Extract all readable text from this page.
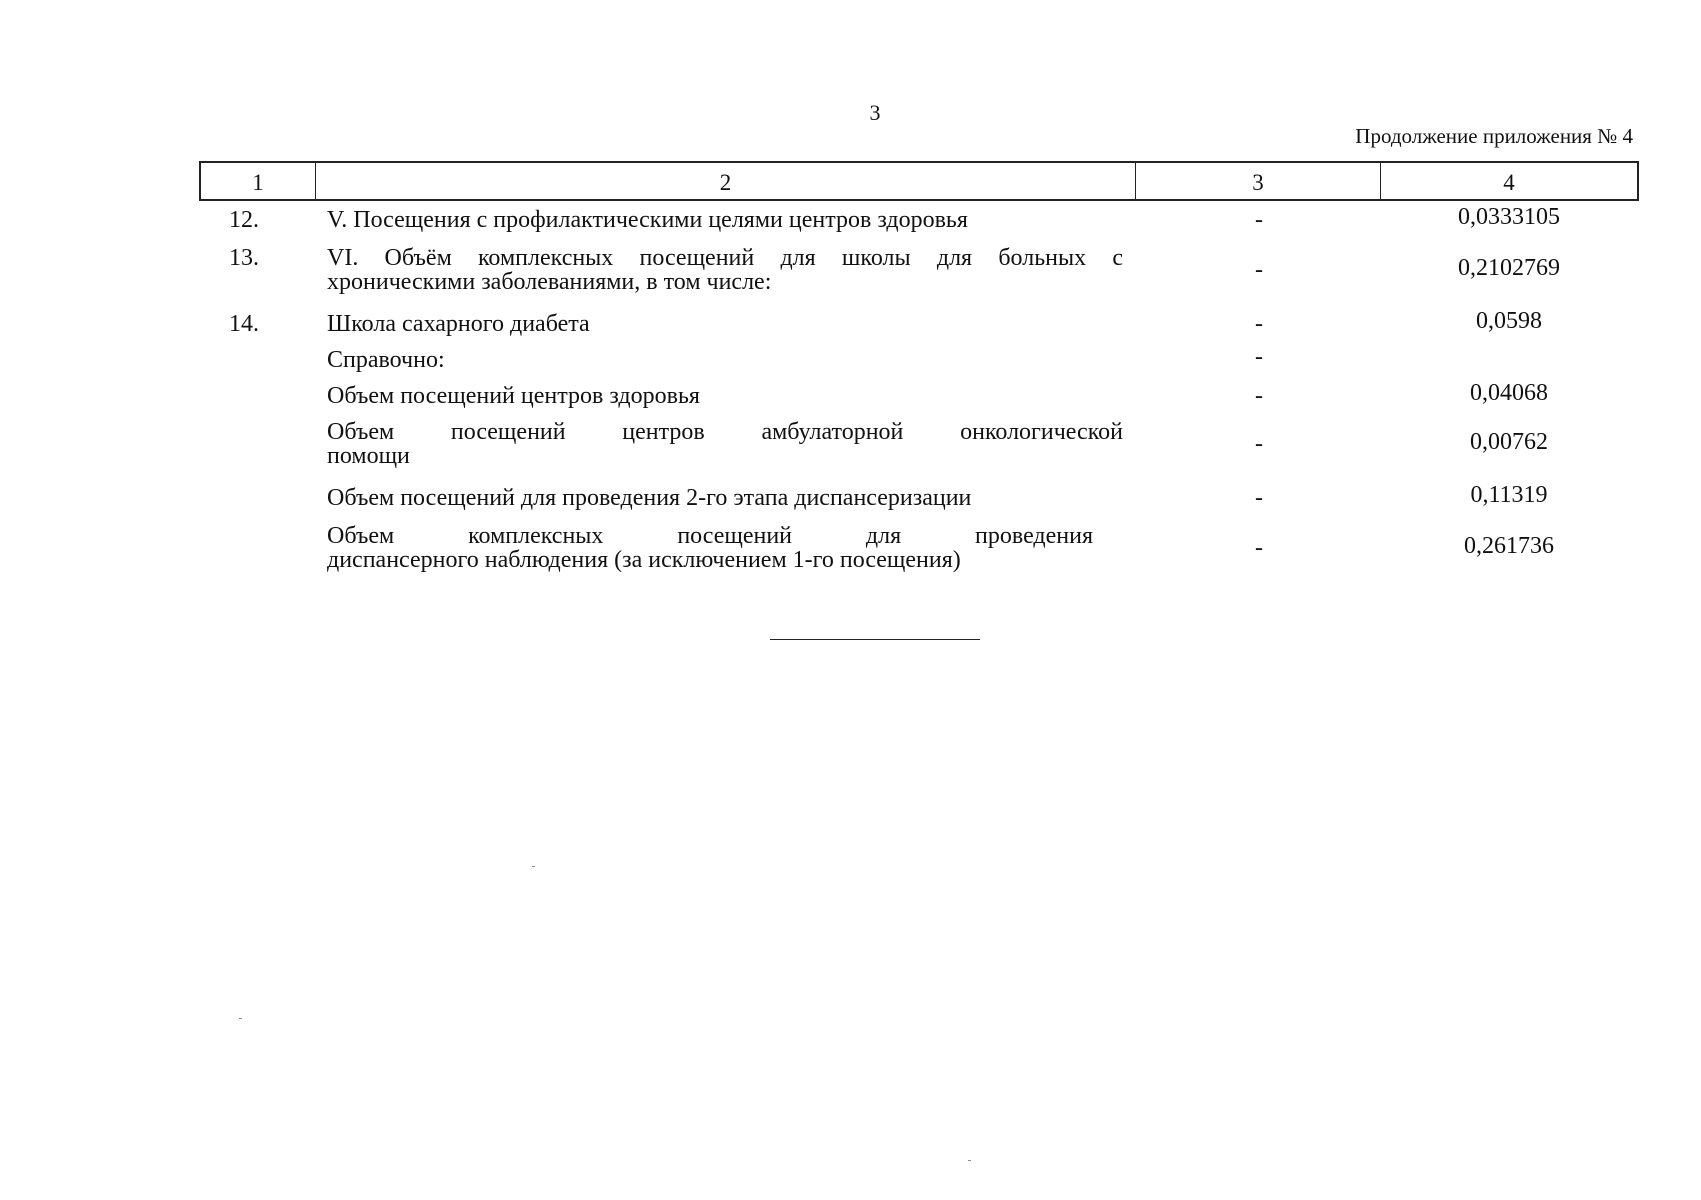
3
Продолжение приложения № 4
1	2	3	4
12.	V. Посещения с профилактическими целями центров здоровья	-	0,0333105
13.	VI. Объём комплексных посещений для школы для больных с
хроническими заболеваниями, в том числе:	-	0,2102769
14.	Школа сахарного диабета	-	0,0598
Справочно:	-
Объем посещений центров здоровья	-	0,04068
Объем посещений центров амбулаторной онкологической
помощи	-	0,00762
Объем посещений для проведения 2-го этапа диспансеризации	-	0,11319
Объем комплексных посещений для проведения
диспансерного наблюдения (за исключением 1-го посещения)	-	0,261736
